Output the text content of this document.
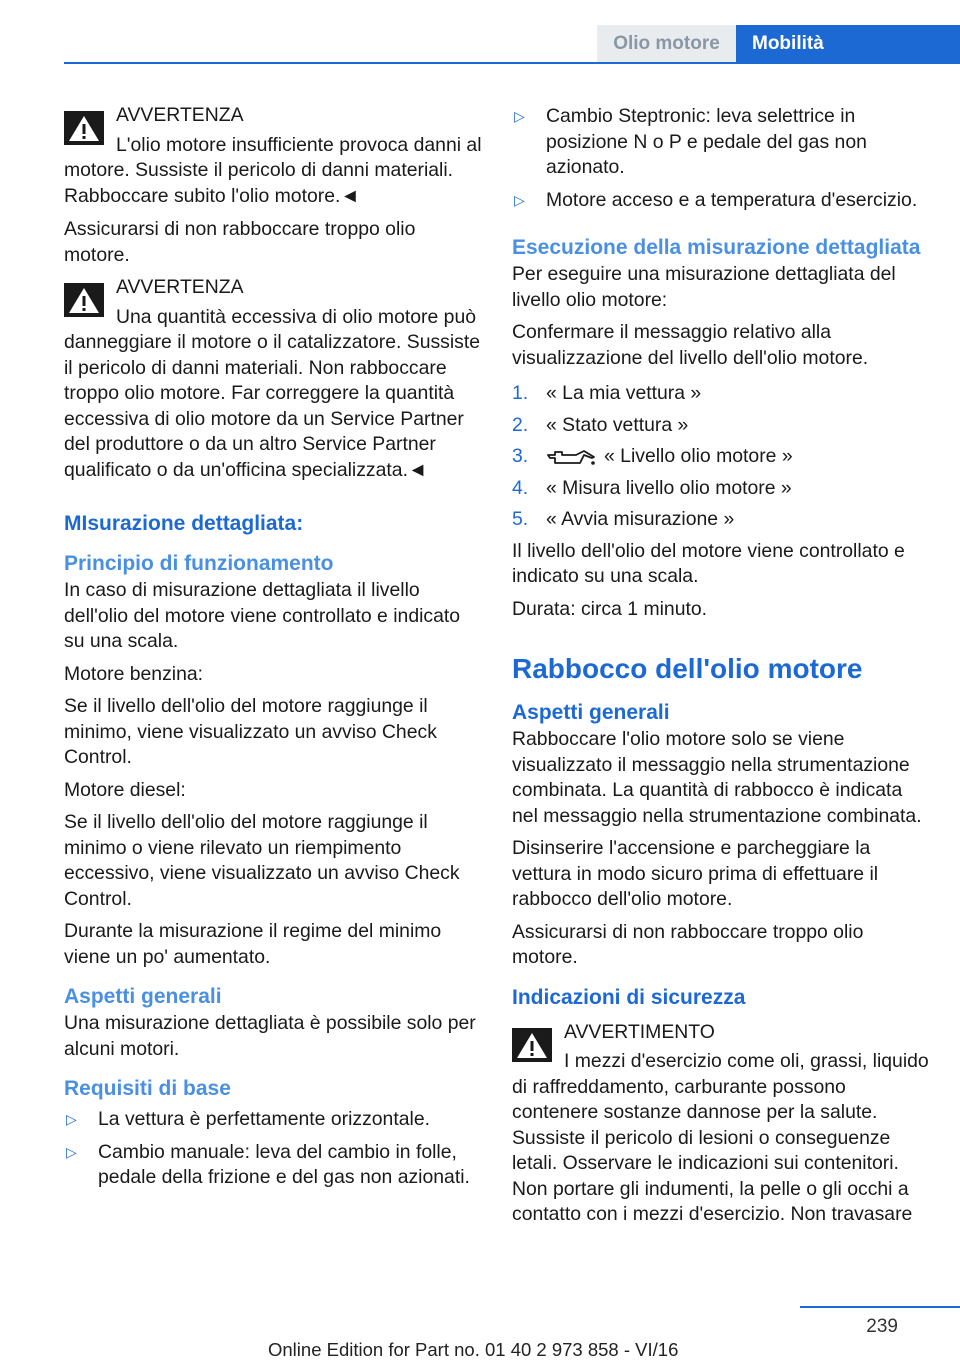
Olio motore	Mobilità
AVVERTENZA
L'olio motore insufficiente provoca danni al motore. Sussiste il pericolo di danni materiali. Rabboccare subito l'olio motore.◄

Assicurarsi di non rabboccare troppo olio motore.

AVVERTENZA
Una quantità eccessiva di olio motore può danneggiare il motore o il catalizzatore. Sussiste il pericolo di danni materiali. Non rabboccare troppo olio motore. Far correggere la quantità eccessiva di olio motore da un Service Partner del produttore o da un altro Service Partner qualificato o da un'officina specializzata.◄
MIsurazione dettagliata:
Principio di funzionamento

In caso di misurazione dettagliata il livello dell'olio del motore viene controllato e indicato su una scala.

Motore benzina:

Se il livello dell'olio del motore raggiunge il minimo, viene visualizzato un avviso Check Control.

Motore diesel:

Se il livello dell'olio del motore raggiunge il minimo o viene rilevato un riempimento eccessivo, viene visualizzato un avviso Check Control.

Durante la misurazione il regime del minimo viene un po' aumentato.

Aspetti generali

Una misurazione dettagliata è possibile solo per alcuni motori.

Requisiti di base
▷ La vettura è perfettamente orizzontale.
▷ Cambio manuale: leva del cambio in folle, pedale della frizione e del gas non azionati.
▷ Cambio Steptronic: leva selettrice in posizione N o P e pedale del gas non azionato.
▷ Motore acceso e a temperatura d'esercizio.
Esecuzione della misurazione dettagliata

Per eseguire una misurazione dettagliata del livello olio motore:

Confermare il messaggio relativo alla visualizzazione del livello dell'olio motore.

1. « La mia vettura »
2. « Stato vettura »
3.	« Livello olio motore »
4. « Misura livello olio motore »
5. « Avvia misurazione »

Il livello dell'olio del motore viene controllato e indicato su una scala.

Durata: circa 1 minuto.

Rabbocco dell'olio motore
Aspetti generali

Rabboccare l'olio motore solo se viene visualizzato il messaggio nella strumentazione combinata. La quantità di rabbocco è indicata nel messaggio nella strumentazione combinata.

Disinserire l'accensione e parcheggiare la vettura in modo sicuro prima di effettuare il rabbocco dell'olio motore.

Assicurarsi di non rabboccare troppo olio motore.

Indicazioni di sicurezza
AVVERTIMENTO
I mezzi d'esercizio come oli, grassi, liquido di raffreddamento, carburante possono contenere sostanze dannose per la salute. Sussiste il pericolo di lesioni o conseguenze letali. Osservare le indicazioni sui contenitori. Non portare gli indumenti, la pelle o gli occhi a contatto con i mezzi d'esercizio. Non travasare
239
Online Edition for Part no. 01 40 2 973 858 - VI/16
